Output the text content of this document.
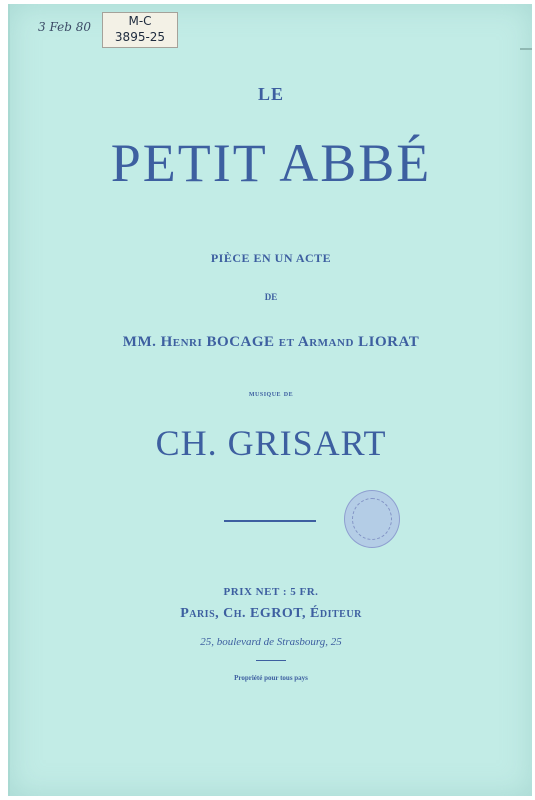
3 Feb 80	M-C
3895-25
LE
PETIT ABBÉ
PIÈCE EN UN ACTE
DE
MM. Henri BOCAGE et Armand LIORAT
musique de
CH. GRISART
PRIX NET : 5 FR.
Paris, Ch. EGROT, Éditeur
25, boulevard de Strasbourg, 25
Propriété pour tous pays
